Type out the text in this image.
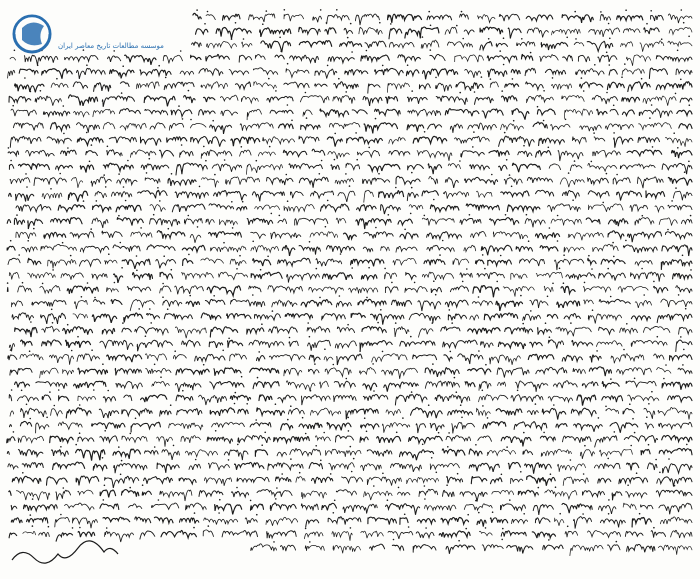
موسسه مطالعات تاریخ معاصر ایران
